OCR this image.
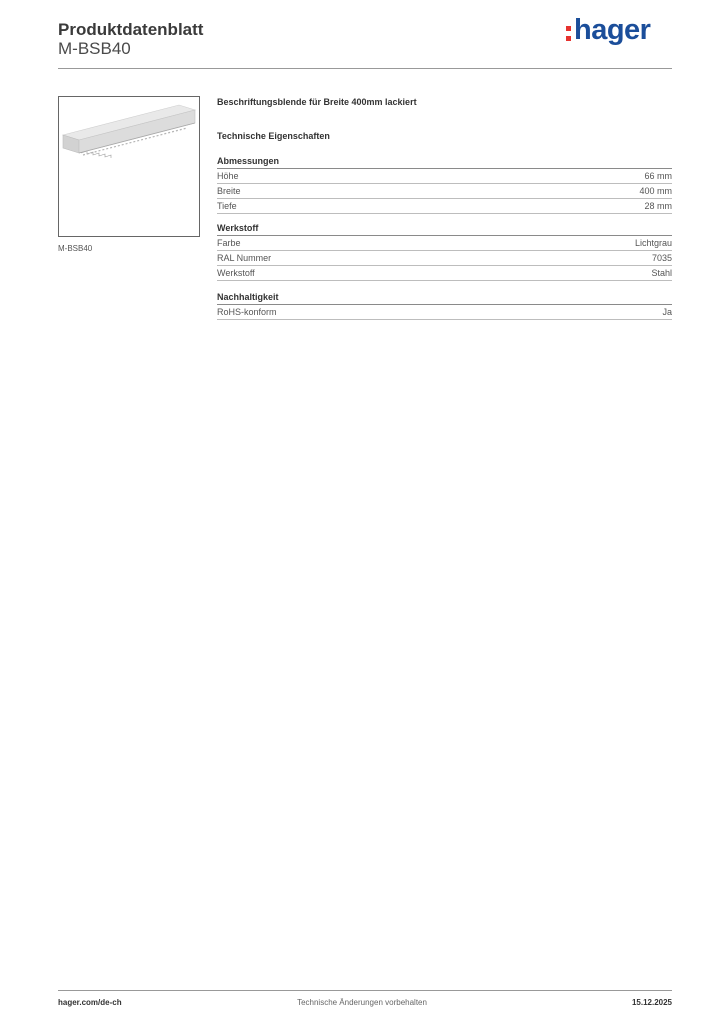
Produktdatenblatt
M-BSB40
hager
M-BSB40
Beschriftungsblende für Breite 400mm lackiert
Technische Eigenschaften
Abmessungen
Höhe	66 mm
Breite	400 mm
Tiefe	28 mm
Werkstoff
Farbe	Lichtgrau
RAL Nummer	7035
Werkstoff	Stahl
Nachhaltigkeit
RoHS-konform	Ja
hager.com/de-ch	Technische Änderungen vorbehalten	15.12.2025
